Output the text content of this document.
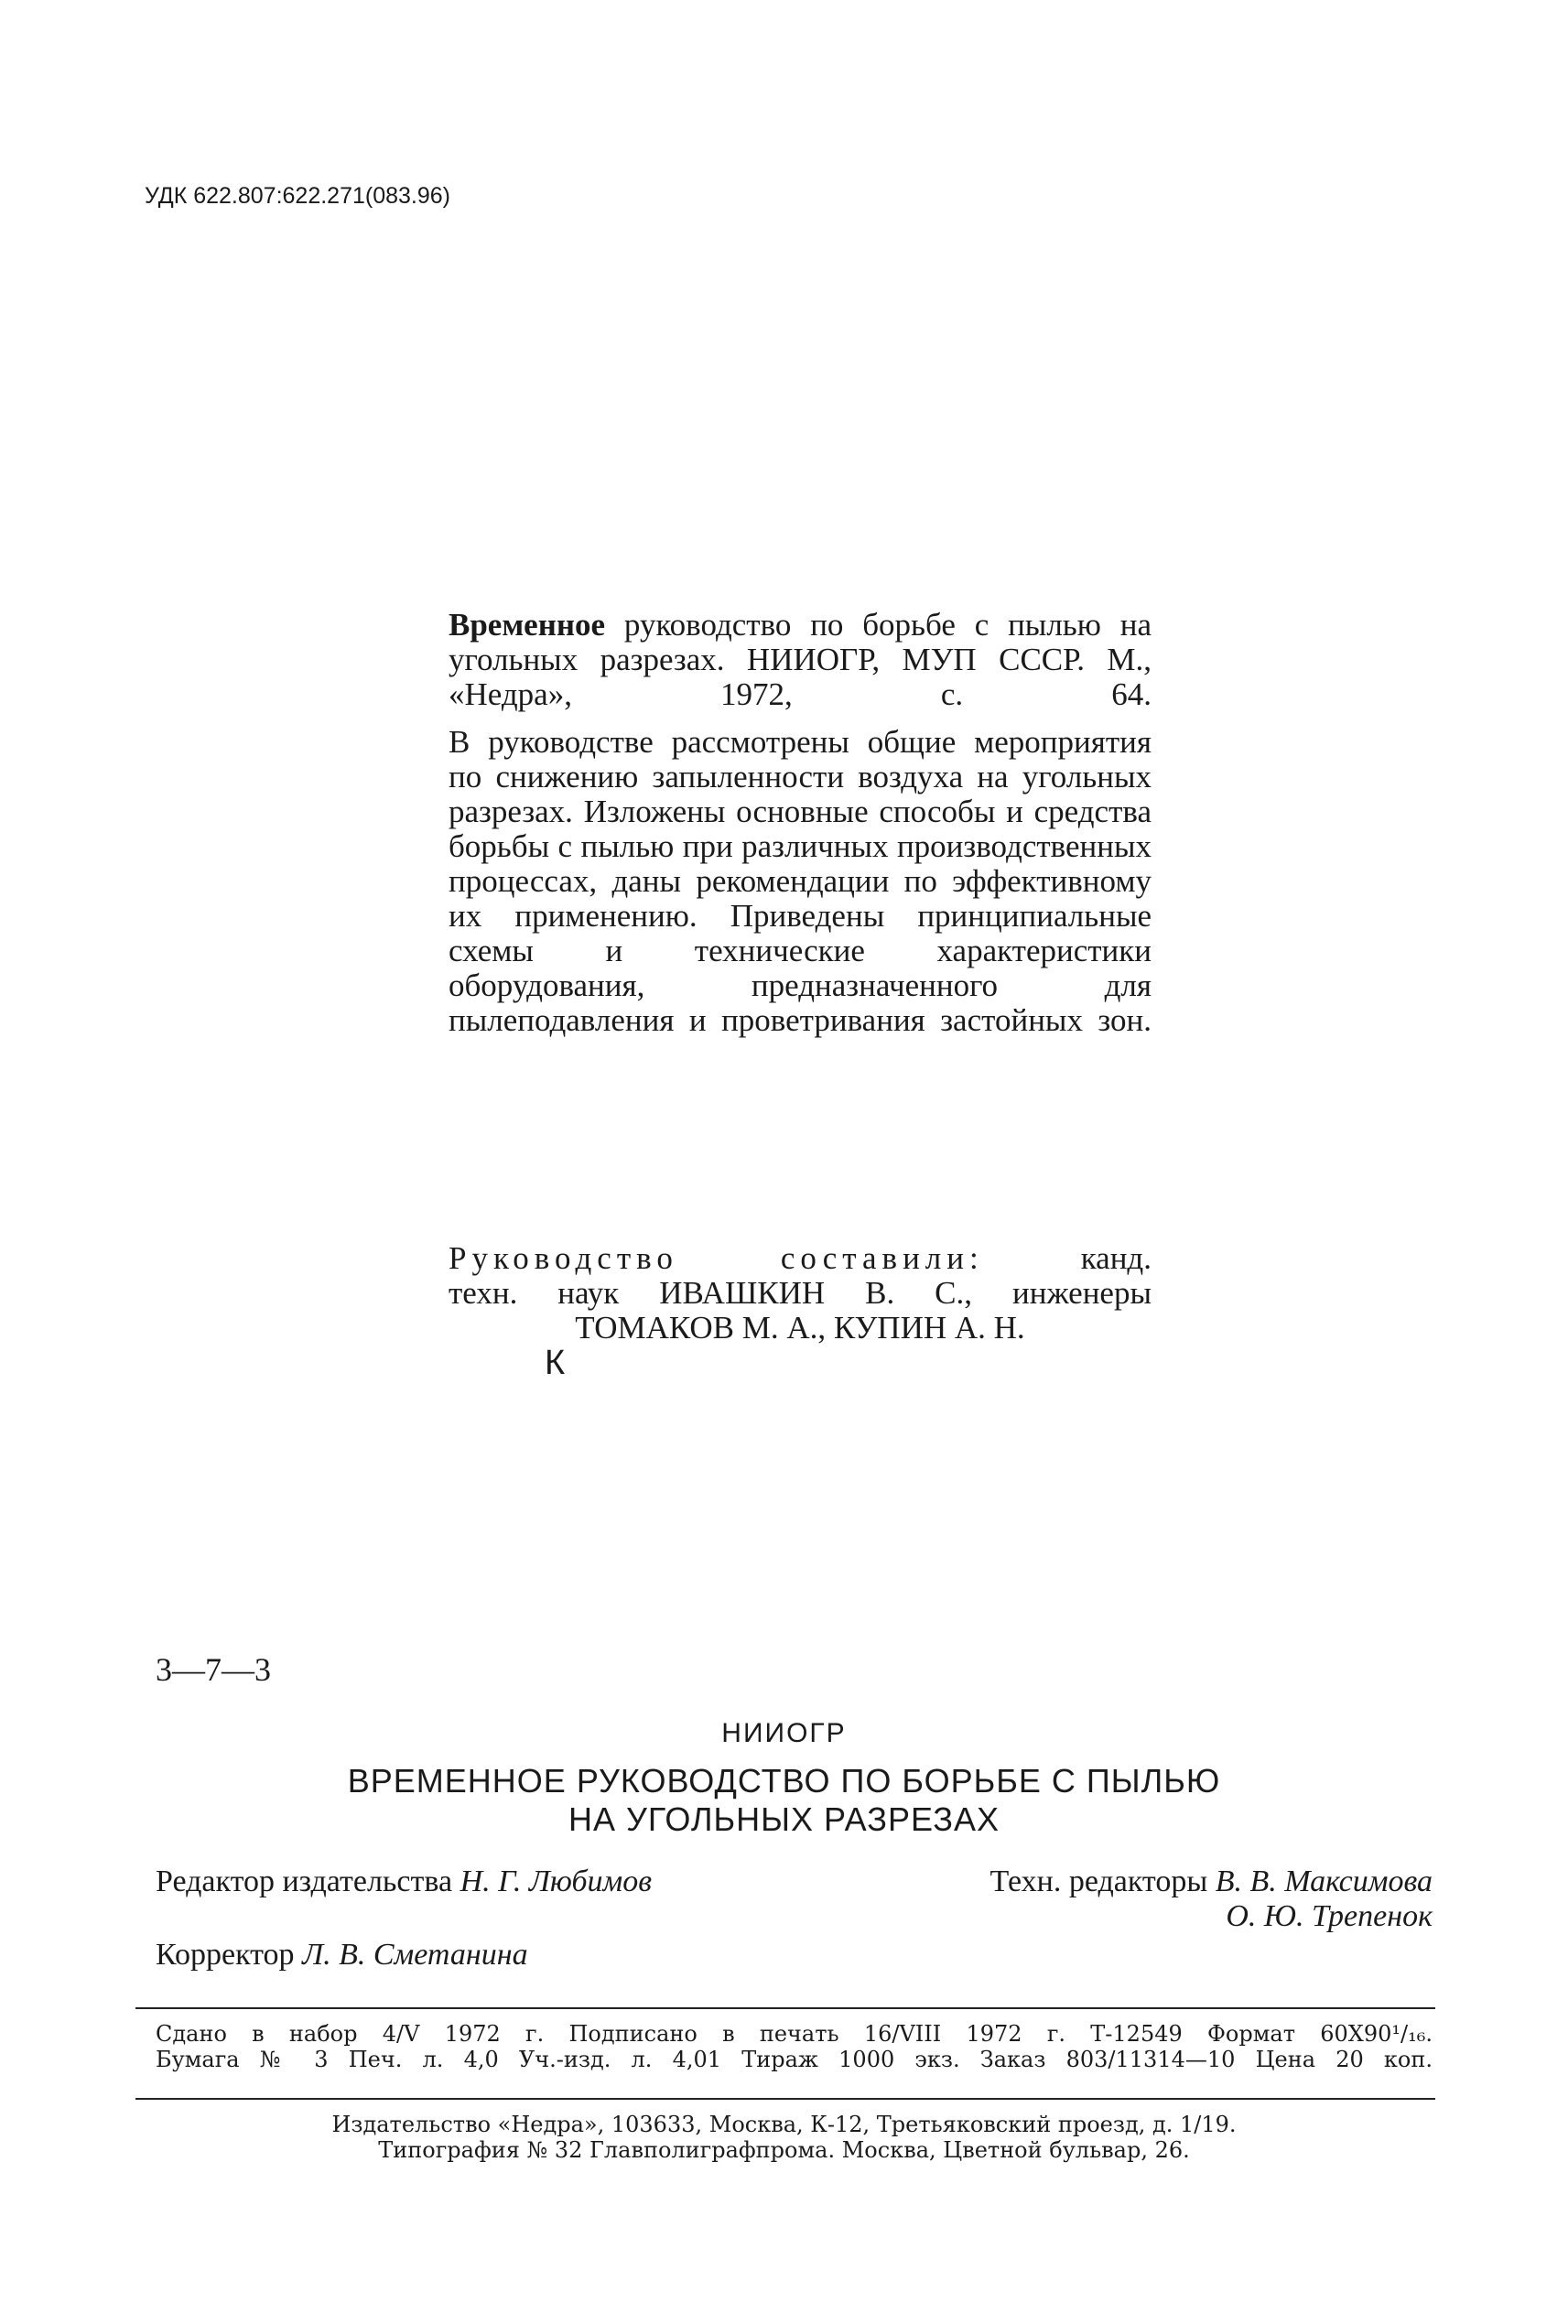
УДК 622.807:622.271(083.96)

Временное руководство по борьбе с пылью на угольных разрезах. НИИОГР, МУП СССР. М., «Недра», 1972, с. 64.

В руководстве рассмотрены общие мероприятия по снижению запыленности воздуха на угольных разрезах. Изложены основные способы и средства борьбы с пылью при различных производственных процессах, даны рекомендации по эффективному их применению. Приведены принципиальные схемы и технические характеристики оборудования, предназначенного для пылеподавления и проветривания застойных зон.

Руководство составили: канд.
техн. наук ИВАШКИН В. С., инженеры
ТОМАКОВ М. А., КУПИН А. Н.
К
3—7—3
НИИОГР
ВРЕМЕННОЕ РУКОВОДСТВО ПО БОРЬБЕ С ПЫЛЬЮ
НА УГОЛЬНЫХ РАЗРЕЗАХ
Редактор издательства Н. Г. Любимов	Техн. редакторы В. В. Максимова
О. Ю. Трепенок
Корректор Л. В. Сметанина

Сдано в набор 4/V 1972 г. Подписано в печать 16/VIII 1972 г. Т-12549 Формат 60X90¹/₁₆.

Бумага № 3 Печ. л. 4,0 Уч.-изд. л. 4,01 Тираж 1000 экз. Заказ 803/11314—10 Цена 20 коп.

Издательство «Недра», 103633, Москва, К-12, Третьяковский проезд, д. 1/19.

Типография № 32 Главполиграфпрома. Москва, Цветной бульвар, 26.
